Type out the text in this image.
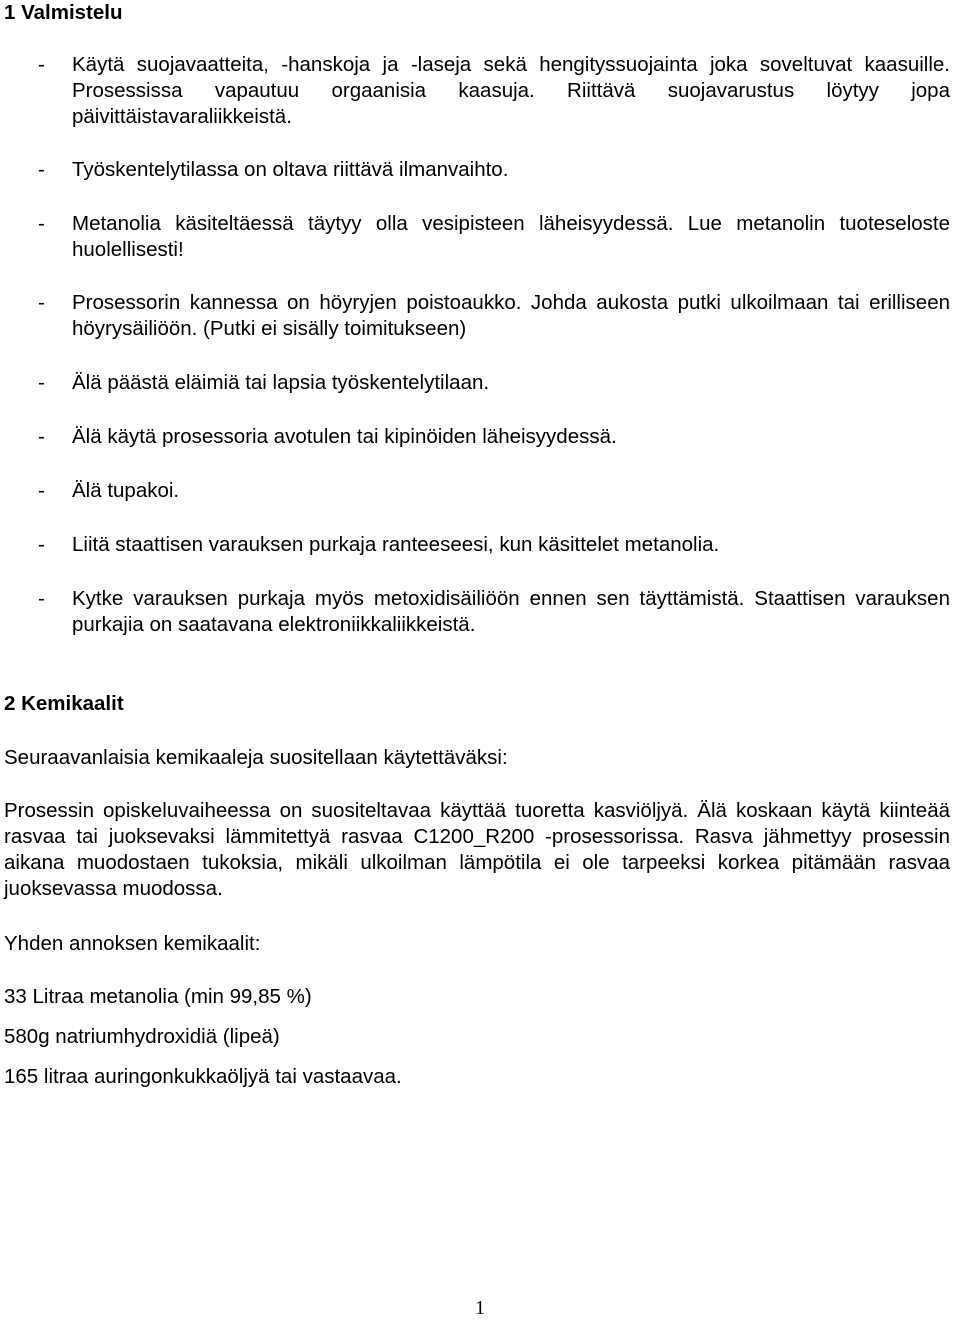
1 Valmistelu
- Käytä suojavaatteita, -hanskoja ja -laseja sekä hengityssuojainta joka soveltuvat kaasuille. Prosessissa vapautuu orgaanisia kaasuja. Riittävä suojavarustus löytyy jopa päivittäistavaraliikkeistä.
- Työskentelytilassa on oltava riittävä ilmanvaihto.
- Metanolia käsiteltäessä täytyy olla vesipisteen läheisyydessä. Lue metanolin tuoteseloste huolellisesti!
- Prosessorin kannessa on höyryjen poistoaukko. Johda aukosta putki ulkoilmaan tai erilliseen höyrysäiliöön. (Putki ei sisälly toimitukseen)
- Älä päästä eläimiä tai lapsia työskentelytilaan.
- Älä käytä prosessoria avotulen tai kipinöiden läheisyydessä.
- Älä tupakoi.
- Liitä staattisen varauksen purkaja ranteeseesi, kun käsittelet metanolia.
- Kytke varauksen purkaja myös metoxidisäiliöön ennen sen täyttämistä. Staattisen varauksen purkajia on saatavana elektroniikkaliikkeistä.
2 Kemikaalit

Seuraavanlaisia kemikaaleja suositellaan käytettäväksi:

Prosessin opiskeluvaiheessa on suositeltavaa käyttää tuoretta kasviöljyä. Älä koskaan käytä kiinteää rasvaa tai juoksevaksi lämmitettyä rasvaa C1200_R200 -prosessorissa. Rasva jähmettyy prosessin aikana muodostaen tukoksia, mikäli ulkoilman lämpötila ei ole tarpeeksi korkea pitämään rasvaa juoksevassa muodossa.

Yhden annoksen kemikaalit:

33 Litraa metanolia (min 99,85 %)

580g natriumhydroxidiä (lipeä)

165 litraa auringonkukkaöljyä tai vastaavaa.

1
